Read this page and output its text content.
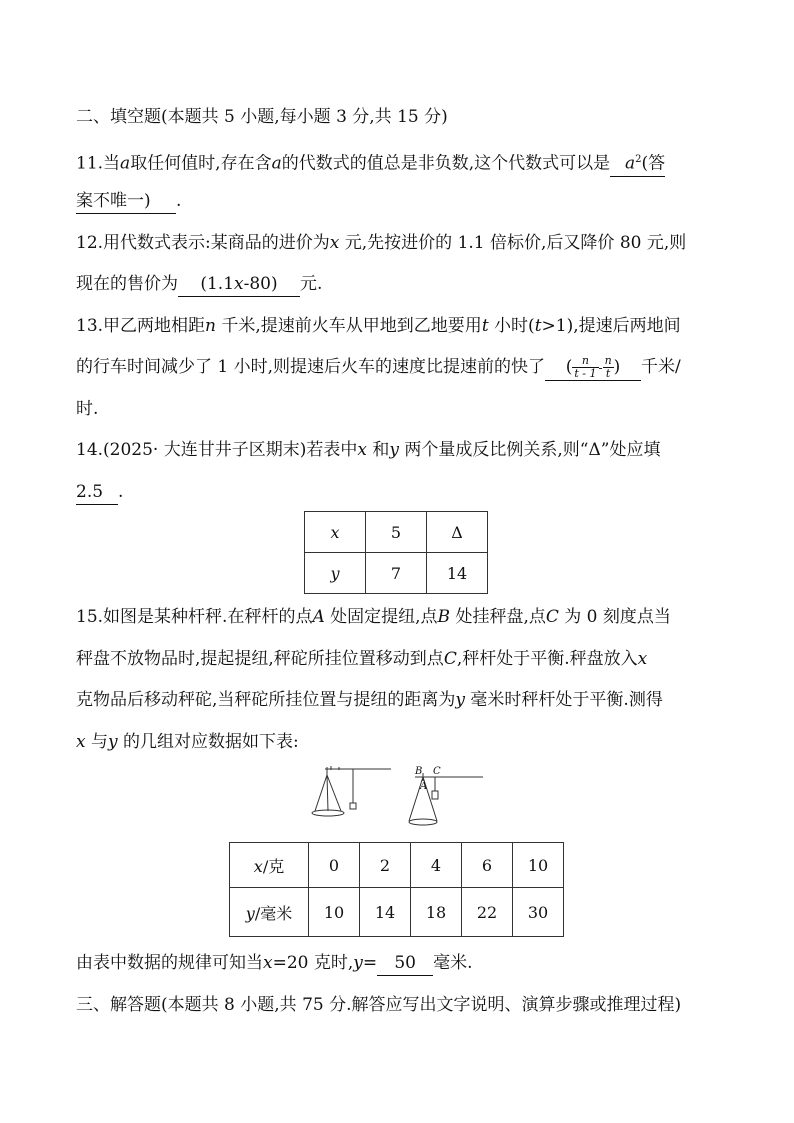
二、填空题(本题共 5 小题,每小题 3 分,共 15 分)
11.当a取任何值时,存在含a的代数式的值总是非负数,这个代数式可以是 $a^2$(答
案不唯一) .
12.用代数式表示:某商品的进价为x 元,先按进价的 1.1 倍标价,后又降价 80 元,则
现在的售价为 (1.1x-80) 元.
13.甲乙两地相距n 千米,提速前火车从甲地到乙地要用t 小时(t>1),提速后两地间
的行车时间减少了 1 小时,则提速后火车的速度比提速前的快了 ( $\frac{n}{t - 1} - \frac{n}{t}$ ) 千米/
时.
14.(2025· 大连甘井子区期末)若表中x 和y 两个量成反比例关系,则“Δ”处应填
2.5 .
x	5	Δ
y	7	14
15.如图是某种杆秤.在秤杆的点A 处固定提纽,点B 处挂秤盘,点C 为 0 刻度点当
秤盘不放物品时,提起提纽,秤砣所挂位置移动到点C,秤杆处于平衡.秤盘放入x
克物品后移动秤砣,当秤砣所挂位置与提纽的距离为y 毫米时秤杆处于平衡.测得
x 与y 的几组对应数据如下表:
B C
A
x/克	0	2	4	6	10
y/毫米	10	14	18	22	30
由表中数据的规律可知当x=20 克时,y= 50 毫米.
三、解答题(本题共 8 小题,共 75 分.解答应写出文字说明、演算步骤或推理过程)
